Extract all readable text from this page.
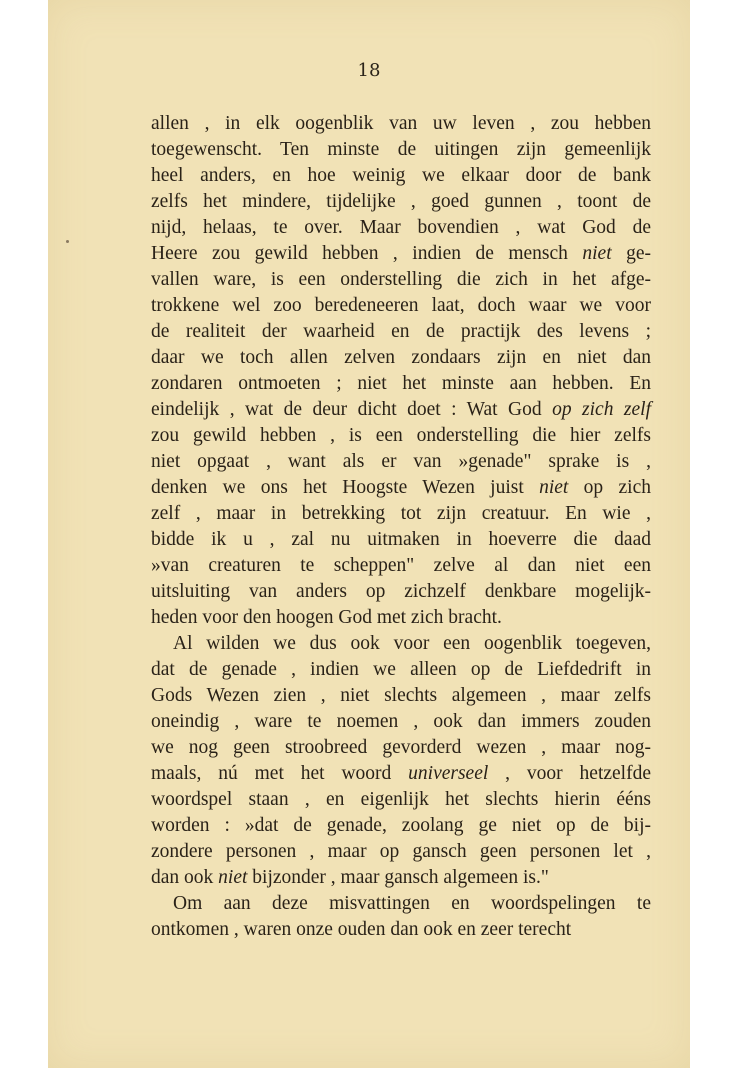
18
allen , in elk oogenblik van uw leven , zou hebben
toegewenscht. Ten minste de uitingen zijn gemeenlijk
heel anders, en hoe weinig we elkaar door de bank
zelfs het mindere, tijdelijke , goed gunnen , toont de
nijd, helaas, te over. Maar bovendien , wat God de
Heere zou gewild hebben , indien de mensch niet ge-
vallen ware, is een onderstelling die zich in het afge-
trokkene wel zoo beredeneeren laat, doch waar we voor
de realiteit der waarheid en de practijk des levens ;
daar we toch allen zelven zondaars zijn en niet dan
zondaren ontmoeten ; niet het minste aan hebben. En
eindelijk , wat de deur dicht doet : Wat God op zich zelf
zou gewild hebben , is een onderstelling die hier zelfs
niet opgaat , want als er van »genade" sprake is ,
denken we ons het Hoogste Wezen juist niet op zich
zelf , maar in betrekking tot zijn creatuur. En wie ,
bidde ik u , zal nu uitmaken in hoeverre die daad
»van creaturen te scheppen" zelve al dan niet een
uitsluiting van anders op zichzelf denkbare mogelijk-
heden voor den hoogen God met zich bracht.
Al wilden we dus ook voor een oogenblik toegeven,
dat de genade , indien we alleen op de Liefdedrift in
Gods Wezen zien , niet slechts algemeen , maar zelfs
oneindig , ware te noemen , ook dan immers zouden
we nog geen stroobreed gevorderd wezen , maar nog-
maals, nú met het woord universeel , voor hetzelfde
woordspel staan , en eigenlijk het slechts hierin ééns
worden : »dat de genade, zoolang ge niet op de bij-
zondere personen , maar op gansch geen personen let ,
dan ook niet bijzonder , maar gansch algemeen is."
Om aan deze misvattingen en woordspelingen te
ontkomen , waren onze ouden dan ook en zeer terecht
